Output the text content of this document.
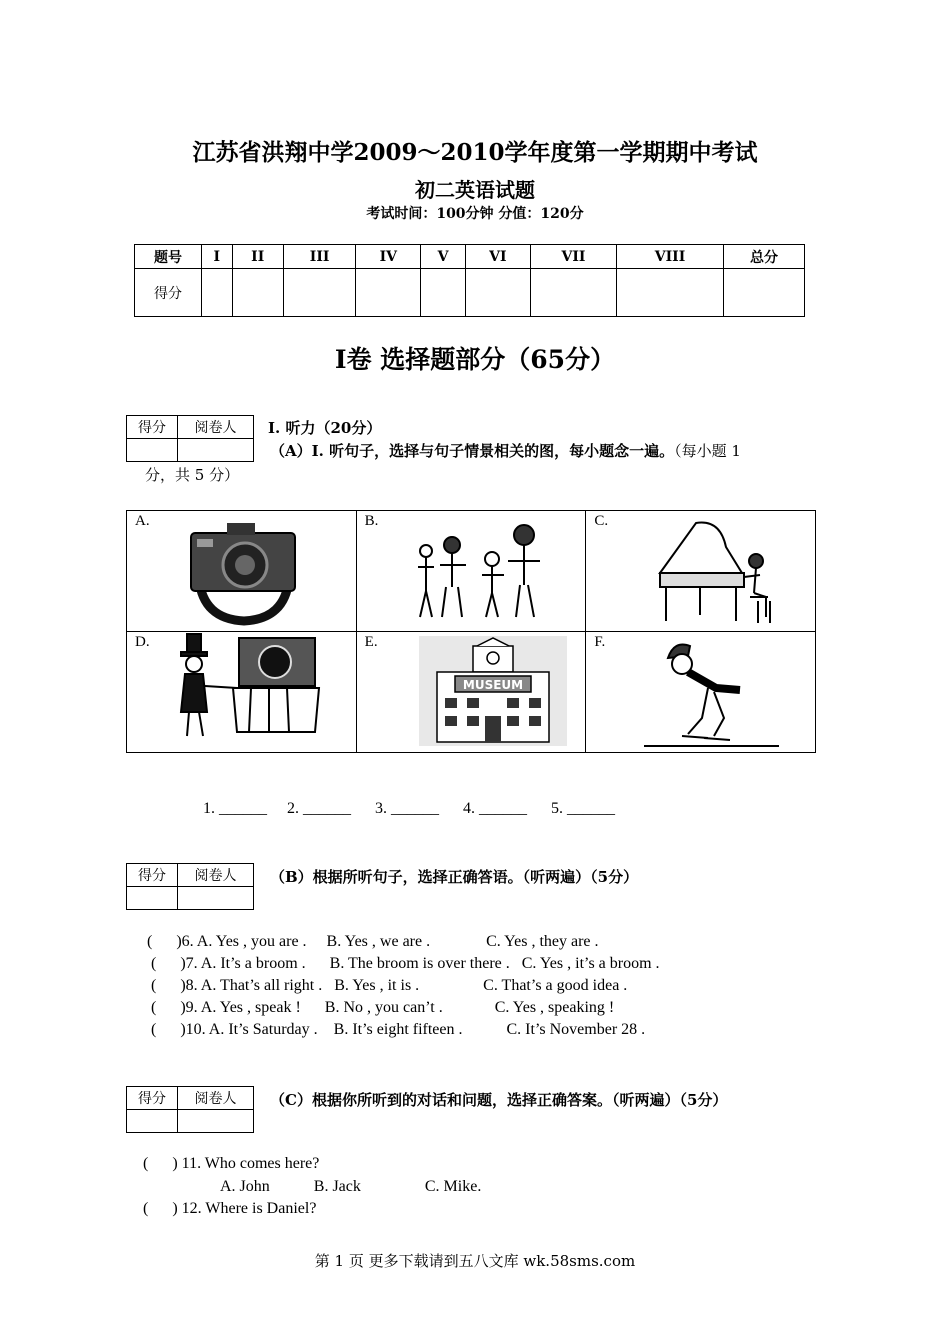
江苏省洪翔中学2009～2010学年度第一学期期中考试
初二英语试题
考试时间：100分钟 分值：120分
题号	I	II	III	IV	V	VI	VII	VIII	总分
得分									
I卷 选择题部分（65分）
得分	阅卷人
	I. 听力（20分）
（A）I. 听句子，选择与句子情景相关的图，每小题念一遍。（每小题 1
分，共 5 分）
A.	B.	C.

D.	E.
MUSEUM	F.
1. ______     2. ______      3. ______      4. ______      5. ______
得分	阅卷人
	（B）根据所听句子，选择正确答语。（听两遍）（5分）
(      )6. A. Yes , you are .     B. Yes , we are .              C. Yes , they are .
(      )7. A. It’s a broom .      B. The broom is over there .   C. Yes , it’s a broom .
(      )8. A. That’s all right .   B. Yes , it is .                C. That’s a good idea .
(      )9. A. Yes , speak !      B. No , you can’t .             C. Yes , speaking !
(      )10. A. It’s Saturday .    B. It’s eight fifteen .           C. It’s November 28 .
得分	阅卷人
	（C）根据你所听到的对话和问题，选择正确答案。（听两遍）（5分）
(      ) 11. Who comes here?
A. John           B. Jack                C. Mike.
(      ) 12. Where is Daniel?
第 1 页 更多下载请到五八文库 wk.58sms.com
